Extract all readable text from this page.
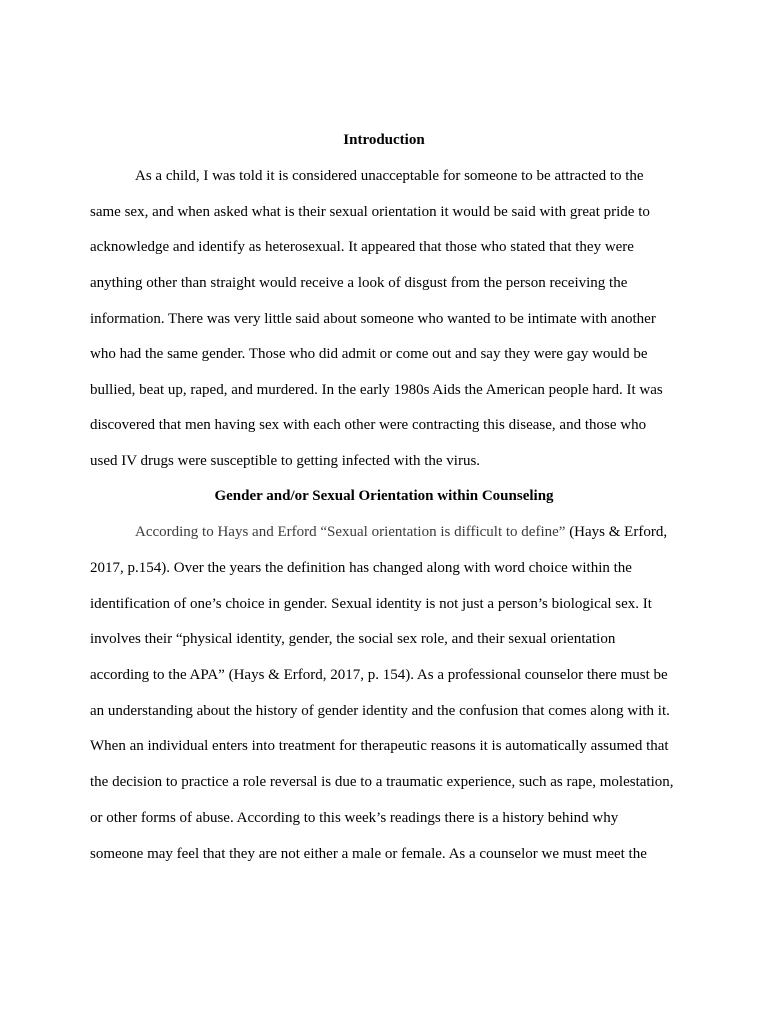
Introduction
As a child, I was told it is considered unacceptable for someone to be attracted to the
same sex, and when asked what is their sexual orientation it would be said with great pride to
acknowledge and identify as heterosexual. It appeared that those who stated that they were
anything other than straight would receive a look of disgust from the person receiving the
information. There was very little said about someone who wanted to be intimate with another
who had the same gender. Those who did admit or come out and say they were gay would be
bullied, beat up, raped, and murdered. In the early 1980s Aids the American people hard. It was
discovered that men having sex with each other were contracting this disease, and those who
used IV drugs were susceptible to getting infected with the virus.
Gender and/or Sexual Orientation within Counseling
According to Hays and Erford “Sexual orientation is difficult to define” (Hays & Erford,
2017, p.154). Over the years the definition has changed along with word choice within the
identification of one’s choice in gender. Sexual identity is not just a person’s biological sex. It
involves their “physical identity, gender, the social sex role, and their sexual orientation
according to the APA” (Hays & Erford, 2017, p. 154). As a professional counselor there must be
an understanding about the history of gender identity and the confusion that comes along with it.
When an individual enters into treatment for therapeutic reasons it is automatically assumed that
the decision to practice a role reversal is due to a traumatic experience, such as rape, molestation,
or other forms of abuse. According to this week’s readings there is a history behind why
someone may feel that they are not either a male or female. As a counselor we must meet the
